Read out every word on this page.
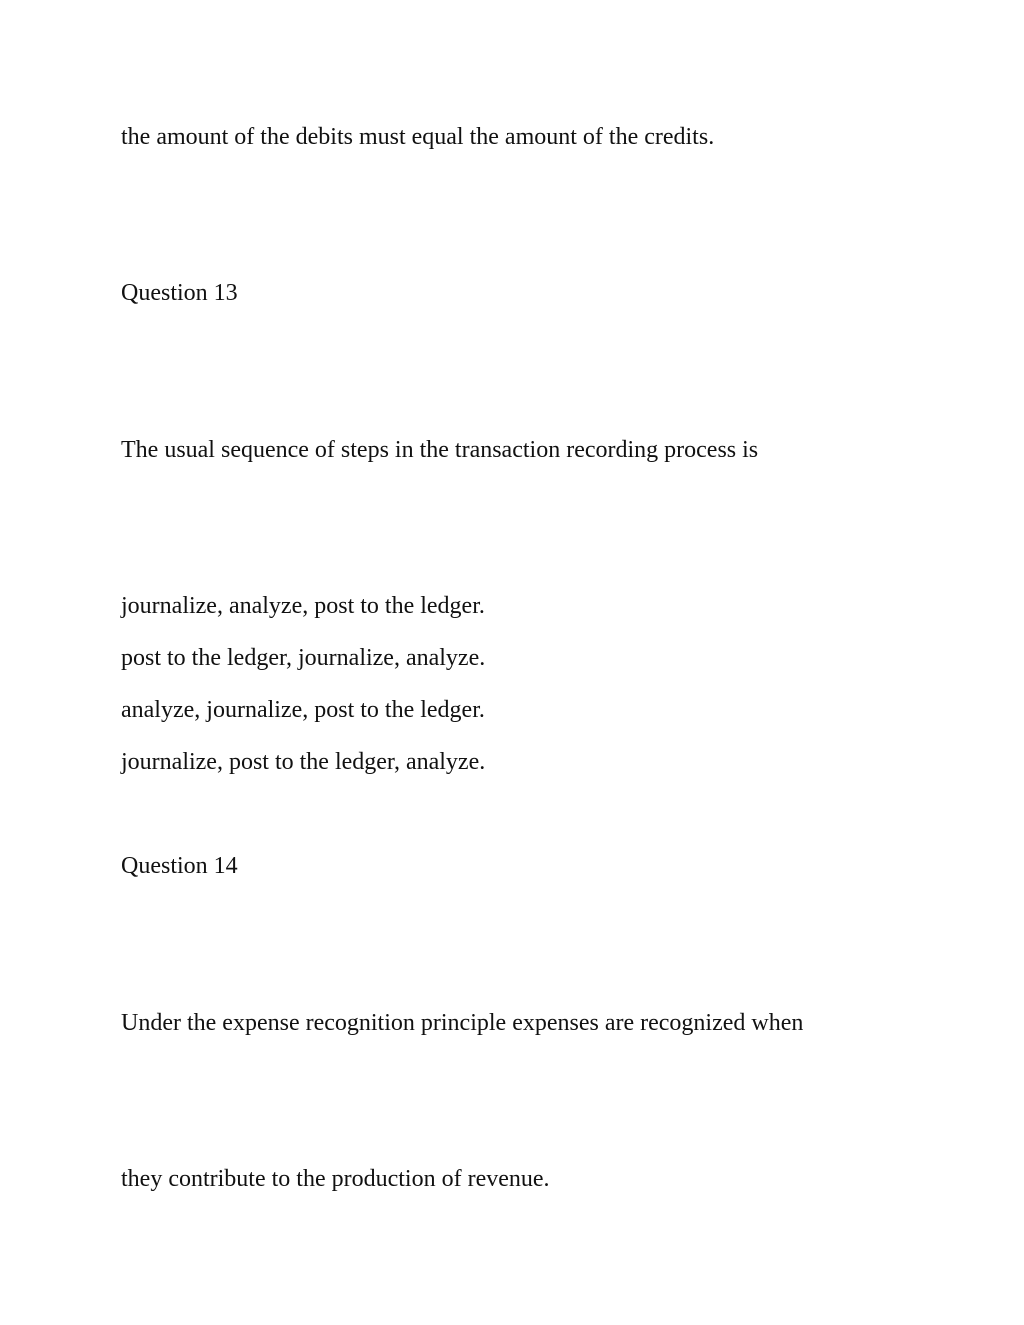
the amount of the debits must equal the amount of the credits.

Question 13

The usual sequence of steps in the transaction recording process is

journalize, analyze, post to the ledger.

post to the ledger, journalize, analyze.

analyze, journalize, post to the ledger.

journalize, post to the ledger, analyze.

Question 14

Under the expense recognition principle expenses are recognized when

they contribute to the production of revenue.
